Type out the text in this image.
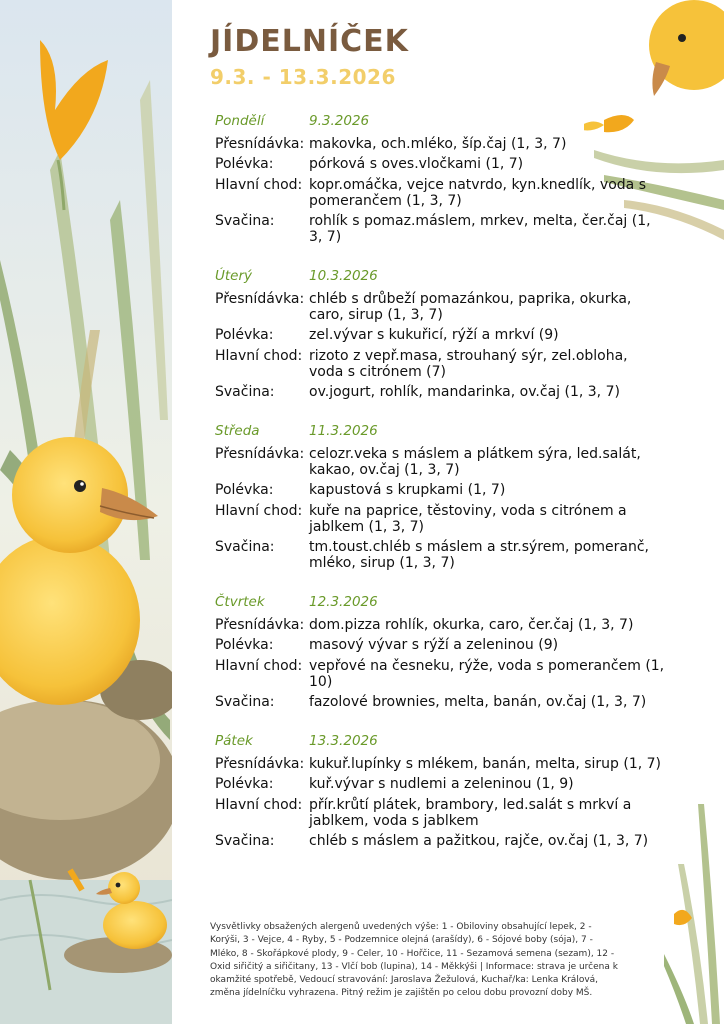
JÍDELNÍČEK
9.3. - 13.3.2026
Pondělí	9.3.2026
Přesnídávka: makovka, och.mléko, šíp.čaj (1, 3, 7)
Polévka:	pórková s oves.vločkami (1, 7)
Hlavní chod: kopr.omáčka, vejce natvrdo, kyn.knedlík, voda s pomerančem (1, 3, 7)
Svačina:	rohlík s pomaz.máslem, mrkev, melta, čer.čaj (1, 3, 7)
Úterý	10.3.2026
Přesnídávka: chléb s drůbeží pomazánkou, paprika, okurka, caro, sirup (1, 3, 7)
Polévka:	zel.vývar s kukuřicí, rýží a mrkví (9)
Hlavní chod: rizoto z vepř.masa, strouhaný sýr, zel.obloha, voda s citrónem (7)
Svačina:	ov.jogurt, rohlík, mandarinka, ov.čaj (1, 3, 7)
Středa	11.3.2026
Přesnídávka: celozr.veka s máslem a plátkem sýra, led.salát, kakao, ov.čaj (1, 3, 7)
Polévka:	kapustová s krupkami (1, 7)
Hlavní chod: kuře na paprice, těstoviny, voda s citrónem a jablkem (1, 3, 7)
Svačina:	tm.toust.chléb s máslem a str.sýrem, pomeranč, mléko, sirup (1, 3, 7)
Čtvrtek	12.3.2026
Přesnídávka: dom.pizza rohlík, okurka, caro, čer.čaj (1, 3, 7)
Polévka:	masový vývar s rýží a zeleninou (9)
Hlavní chod: vepřové na česneku, rýže, voda s pomerančem (1, 10)
Svačina:	fazolové brownies, melta, banán, ov.čaj (1, 3, 7)
Pátek	13.3.2026
Přesnídávka: kukuř.lupínky s mlékem, banán, melta, sirup (1, 7)
Polévka:	kuř.vývar s nudlemi a zeleninou (1, 9)
Hlavní chod: přír.krůtí plátek, brambory, led.salát s mrkví a jablkem, voda s jablkem
Svačina:	chléb s máslem a pažitkou, rajče, ov.čaj (1, 3, 7)
Vysvětlivky obsažených alergenů uvedených výše: 1 - Obiloviny obsahující lepek, 2 - Korýši, 3 - Vejce, 4 - Ryby, 5 - Podzemnice olejná (arašídy), 6 - Sójové boby (sója), 7 - Mléko, 8 - Skořápkové plody, 9 - Celer, 10 - Hořčice, 11 - Sezamová semena (sezam), 12 - Oxid siřičitý a siřičitany, 13 - Vlčí bob (lupina), 14 - Měkkýši | Informace: strava je určena k okamžité spotřebě, Vedoucí stravování: Jaroslava Žežulová, Kuchař/ka: Lenka Králová, změna jídelníčku vyhrazena. Pitný režim je zajištěn po celou dobu provozní doby MŠ.
